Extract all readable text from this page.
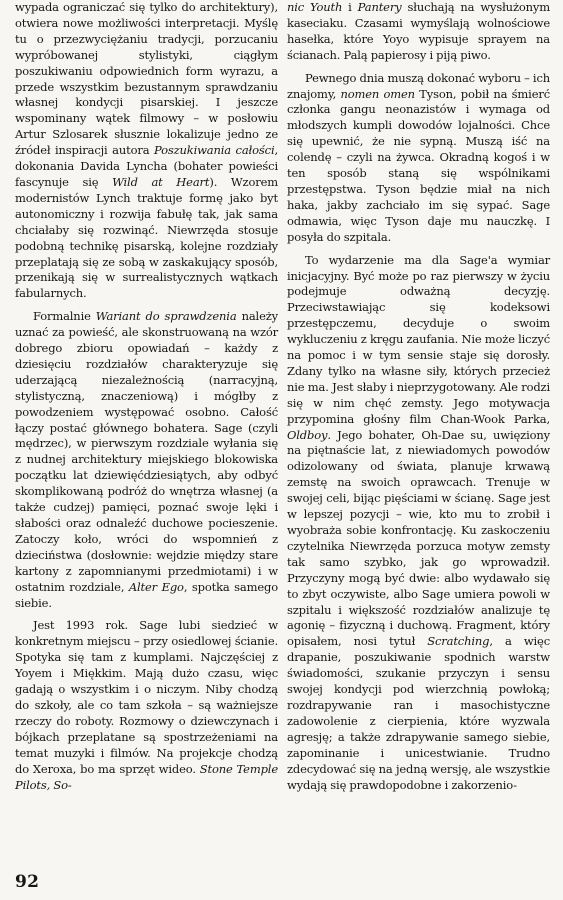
wypada ograniczać się tylko do architektury), otwiera nowe możliwości interpretacji. Myślę tu o przezwyciężaniu tradycji, porzucaniu wypróbowanej stylistyki, ciągłym poszukiwaniu odpowiednich form wyrazu, a przede wszystkim bezustannym sprawdzaniu własnej kondycji pisarskiej. I jeszcze wspominany wątek filmowy – w posłowiu Artur Szlosarek słusznie lokalizuje jedno ze źródeł inspiracji autora Poszukiwania całości, dokonania Davida Lyncha (bohater powieści fascynuje się Wild at Heart). Wzorem modernistów Lynch traktuje formę jako byt autonomiczny i rozwija fabułę tak, jak sama chciałaby się rozwinąć. Niewrzęda stosuje podobną technikę pisarską, kolejne rozdziały przeplatają się ze sobą w zaskakujący sposób, przenikają się w surrealistycznych wątkach fabularnych.

Formalnie Wariant do sprawdzenia należy uznać za powieść, ale skonstruowaną na wzór dobrego zbioru opowiadań – każdy z dziesięciu rozdziałów charakteryzuje się uderzającą niezależnością (narracyjną, stylistyczną, znaczeniową) i mógłby z powodzeniem występować osobno. Całość łączy postać głównego bohatera. Sage (czyli mędrzec), w pierwszym rozdziale wyłania się z nudnej architektury miejskiego blokowiska początku lat dziewięćdziesiątych, aby odbyć skomplikowaną podróż do wnętrza własnej (a także cudzej) pamięci, poznać swoje lęki i słabości oraz odnaleźć duchowe pocieszenie. Zatoczy koło, wróci do wspomnień z dzieciństwa (dosłownie: wejdzie między stare kartony z zapomnianymi przedmiotami) i w ostatnim rozdziale, Alter Ego, spotka samego siebie.

Jest 1993 rok. Sage lubi siedzieć w konkretnym miejscu – przy osiedlowej ścianie. Spotyka się tam z kumplami. Najczęściej z Yoyem i Miękkim. Mają dużo czasu, więc gadają o wszystkim i o niczym. Niby chodzą do szkoły, ale co tam szkoła – są ważniejsze rzeczy do roboty. Rozmowy o dziewczynach i bójkach przeplatane są spostrzeżeniami na temat muzyki i filmów. Na projekcje chodzą do Xeroxa, bo ma sprzęt wideo. Stone Temple Pilots, So-

nic Youth i Pantery słuchają na wysłużonym kaseciaku. Czasami wymyślają wolnościowe hasełka, które Yoyo wypisuje sprayem na ścianach. Palą papierosy i piją piwo.

Pewnego dnia muszą dokonać wyboru – ich znajomy, nomen omen Tyson, pobił na śmierć członka gangu neonazistów i wymaga od młodszych kumpli dowodów lojalności. Chce się upewnić, że nie sypną. Muszą iść na colendę – czyli na żywca. Okradną kogoś i w ten sposób staną się wspólnikami przestępstwa. Tyson będzie miał na nich haka, jakby zachciało im się sypać. Sage odmawia, więc Tyson daje mu nauczkę. I posyła do szpitala.

To wydarzenie ma dla Sage'a wymiar inicjacyjny. Być może po raz pierwszy w życiu podejmuje odważną decyzję. Przeciwstawiając się kodeksowi przestępczemu, decyduje o swoim wykluczeniu z kręgu zaufania. Nie może liczyć na pomoc i w tym sensie staje się dorosły. Zdany tylko na własne siły, których przecież nie ma. Jest słaby i nieprzygotowany. Ale rodzi się w nim chęć zemsty. Jego motywacja przypomina głośny film Chan-Wook Parka, Oldboy. Jego bohater, Oh-Dae su, uwięziony na piętnaście lat, z niewiadomych powodów odizolowany od świata, planuje krwawą zemstę na swoich oprawcach. Trenuje w swojej celi, bijąc pięściami w ścianę. Sage jest w lepszej pozycji – wie, kto mu to zrobił i wyobraża sobie konfrontację. Ku zaskoczeniu czytelnika Niewrzęda porzuca motyw zemsty tak samo szybko, jak go wprowadził. Przyczyny mogą być dwie: albo wydawało się to zbyt oczywiste, albo Sage umiera powoli w szpitalu i większość rozdziałów analizuje tę agonię – fizyczną i duchową. Fragment, który opisałem, nosi tytuł Scratching, a więc drapanie, poszukiwanie spodnich warstw świadomości, szukanie przyczyn i sensu swojej kondycji pod wierzchnią powłoką; rozdrapywanie ran i masochistyczne zadowolenie z cierpienia, które wyzwala agresję; a także zdrapywanie samego siebie, zapominanie i unicestwianie. Trudno zdecydować się na jedną wersję, ale wszystkie wydają się prawdopodobne i zakorzenio-

92
